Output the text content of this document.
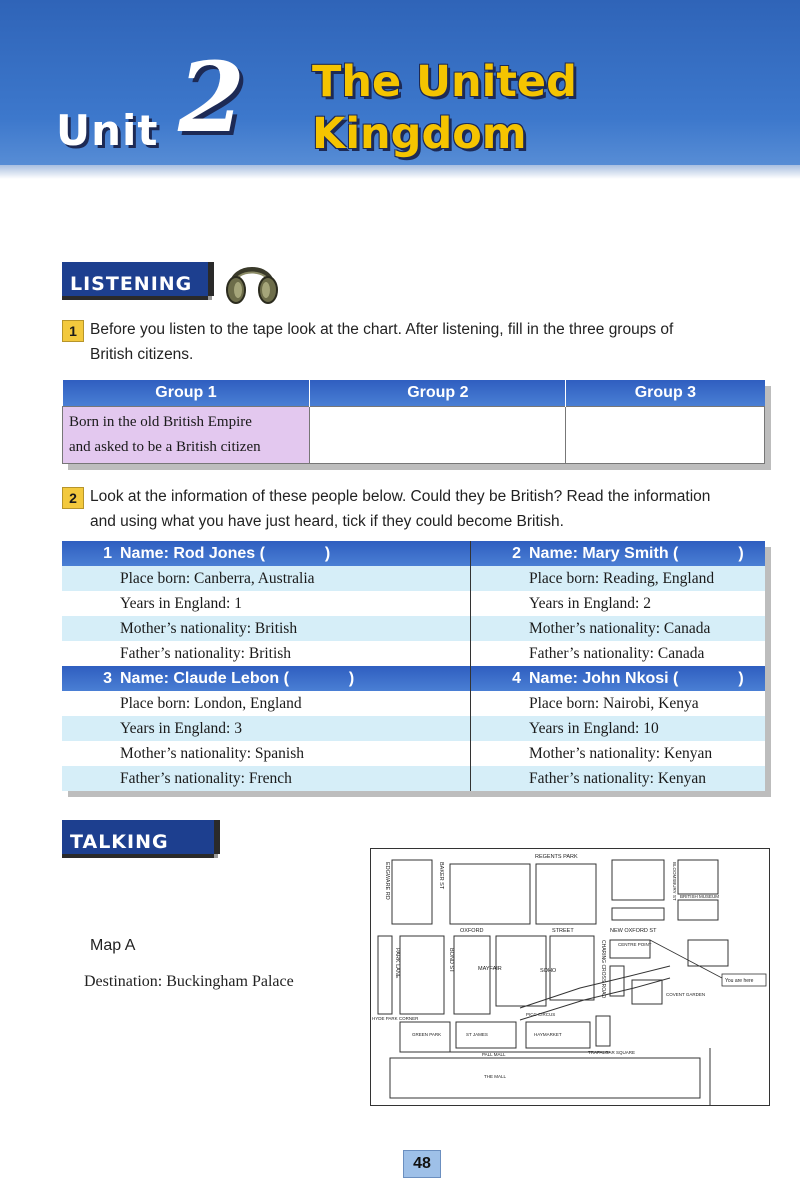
Unit 2 The United
Kingdom
LISTENING
1 Before you listen to the tape look at the chart. After listening, fill in the three groups of
British citizens.
Group 1	Group 2	Group 3

Born in the old British Empire
and asked to be a British citizen		

2 Look at the information of these people below. Could they be British? Read the information
and using what you have just heard, tick if they could become British.
1 Name: Rod Jones ( )	2 Name: Mary Smith ( )
Place born: Canberra, Australia	Place born: Reading, England
Years in England: 1	Years in England: 2
Mother’s nationality: British	Mother’s nationality: Canada
Father’s nationality: British	Father’s nationality: Canada
3 Name: Claude Lebon ( )	4 Name: John Nkosi ( )
Place born: London, England	Place born: Nairobi, Kenya
Years in England: 3	Years in England: 10
Mother’s nationality: Spanish	Mother’s nationality: Kenyan
Father’s nationality: French	Father’s nationality: Kenyan
TALKING
Map A
Destination: Buckingham Palace
REGENTS PARK
EDGWARE RD	BAKER ST
OXFORD	STREET	NEW OXFORD ST
CENTRE POINT
BRITISH MUSEUM
BLOOMSBURY ST
PARK LANE	BOND ST	MAYFAIR	SOHO	CHARING CROSS ROAD
PICC CIRCUS
You are here
COVENT GARDEN
HYDE PARK CORNER
GREEN PARK	ST JAMES	HAYMARKET
PALL MALL	TRAFALGAR SQUARE
THE MALL
48
